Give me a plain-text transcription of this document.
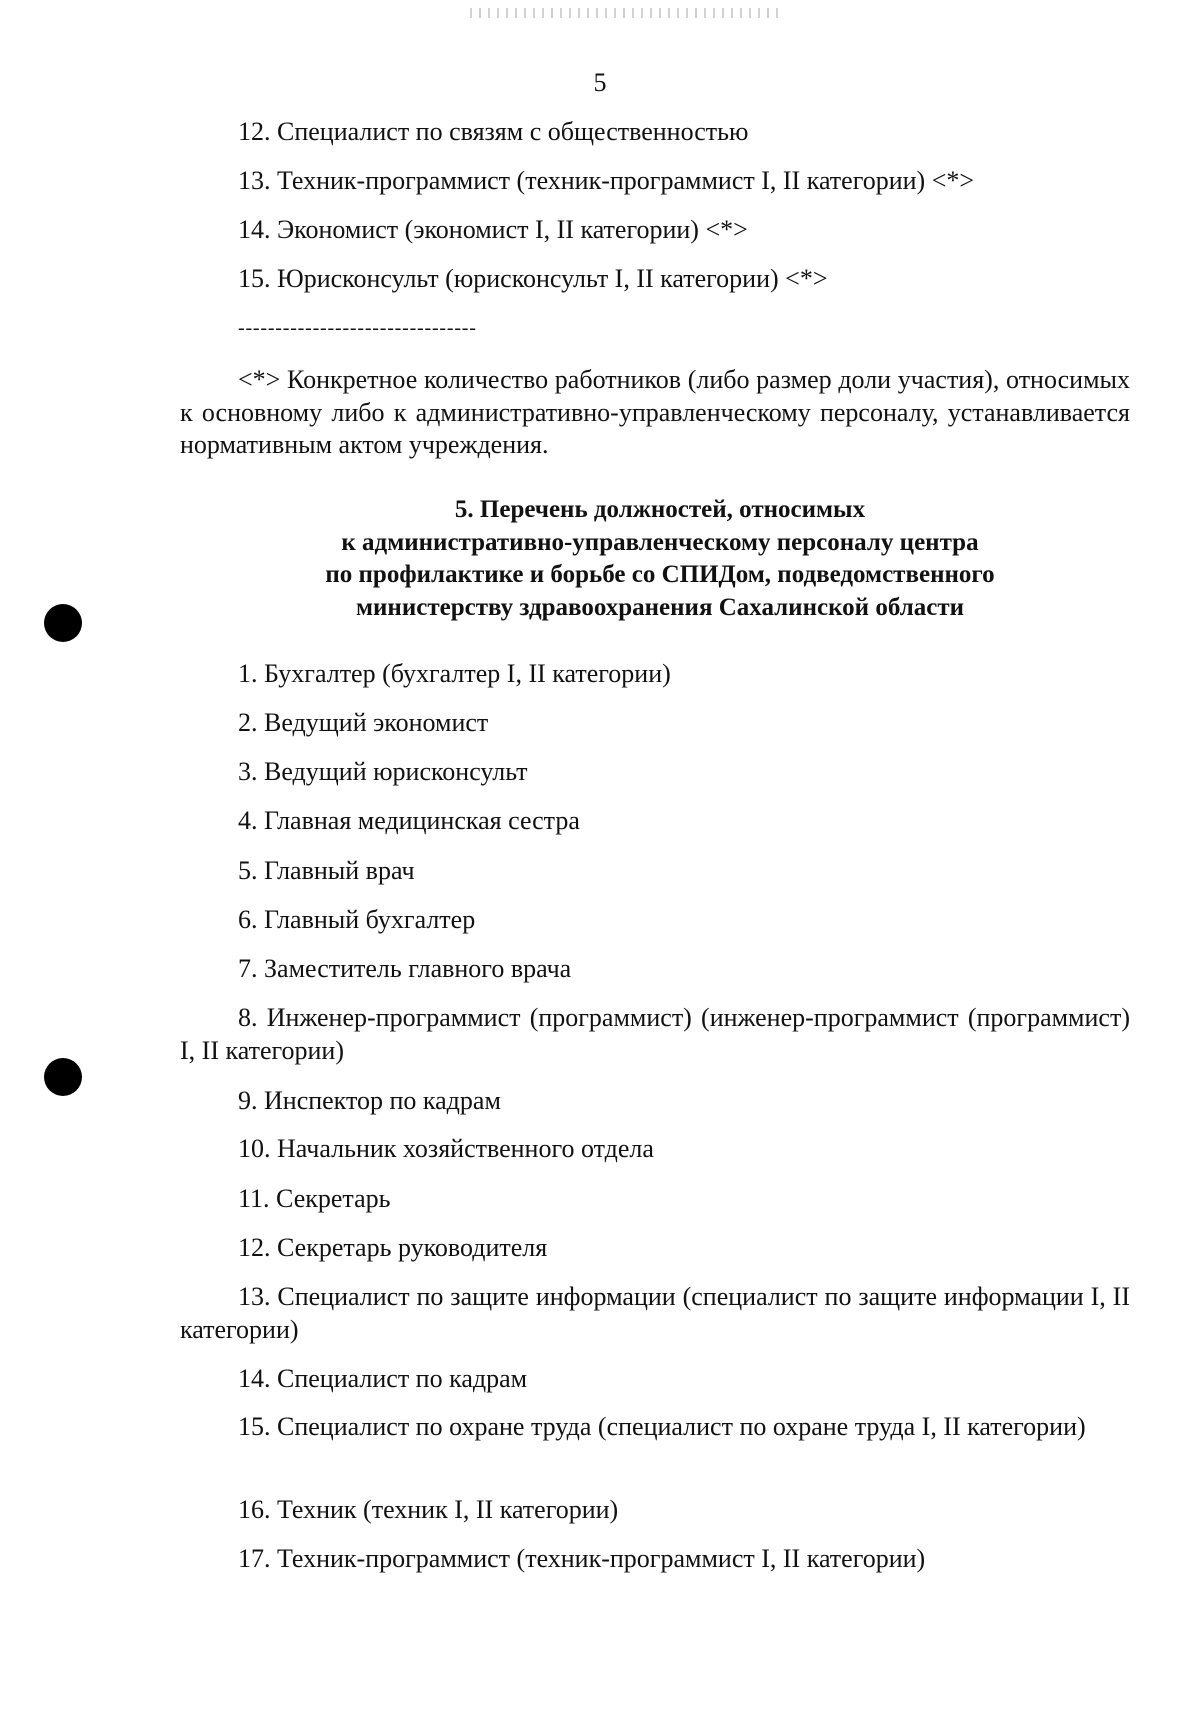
5
12. Специалист по связям с общественностью
13. Техник-программист (техник-программист I, II категории) <*>
14. Экономист (экономист I, II категории) <*>
15. Юрисконсульт (юрисконсульт I, II категории) <*>
--------------------------------
<*> Конкретное количество работников (либо размер доли участия), относимых к основному либо к административно-управленческому персоналу, устанавливается нормативным актом учреждения.
5. Перечень должностей, относимых
к административно-управленческому персоналу центра
по профилактике и борьбе со СПИДом, подведомственного
министерству здравоохранения Сахалинской области
1. Бухгалтер (бухгалтер I, II категории)
2. Ведущий экономист
3. Ведущий юрисконсульт
4. Главная медицинская сестра
5. Главный врач
6. Главный бухгалтер
7. Заместитель главного врача
8. Инженер-программист (программист) (инженер-программист (программист) I, II категории)
9. Инспектор по кадрам
10. Начальник хозяйственного отдела
11. Секретарь
12. Секретарь руководителя
13. Специалист по защите информации (специалист по защите информации I, II категории)
14. Специалист по кадрам
15. Специалист по охране труда (специалист по охране труда I, II категории)
16. Техник (техник I, II категории)
17. Техник-программист (техник-программист I, II категории)
